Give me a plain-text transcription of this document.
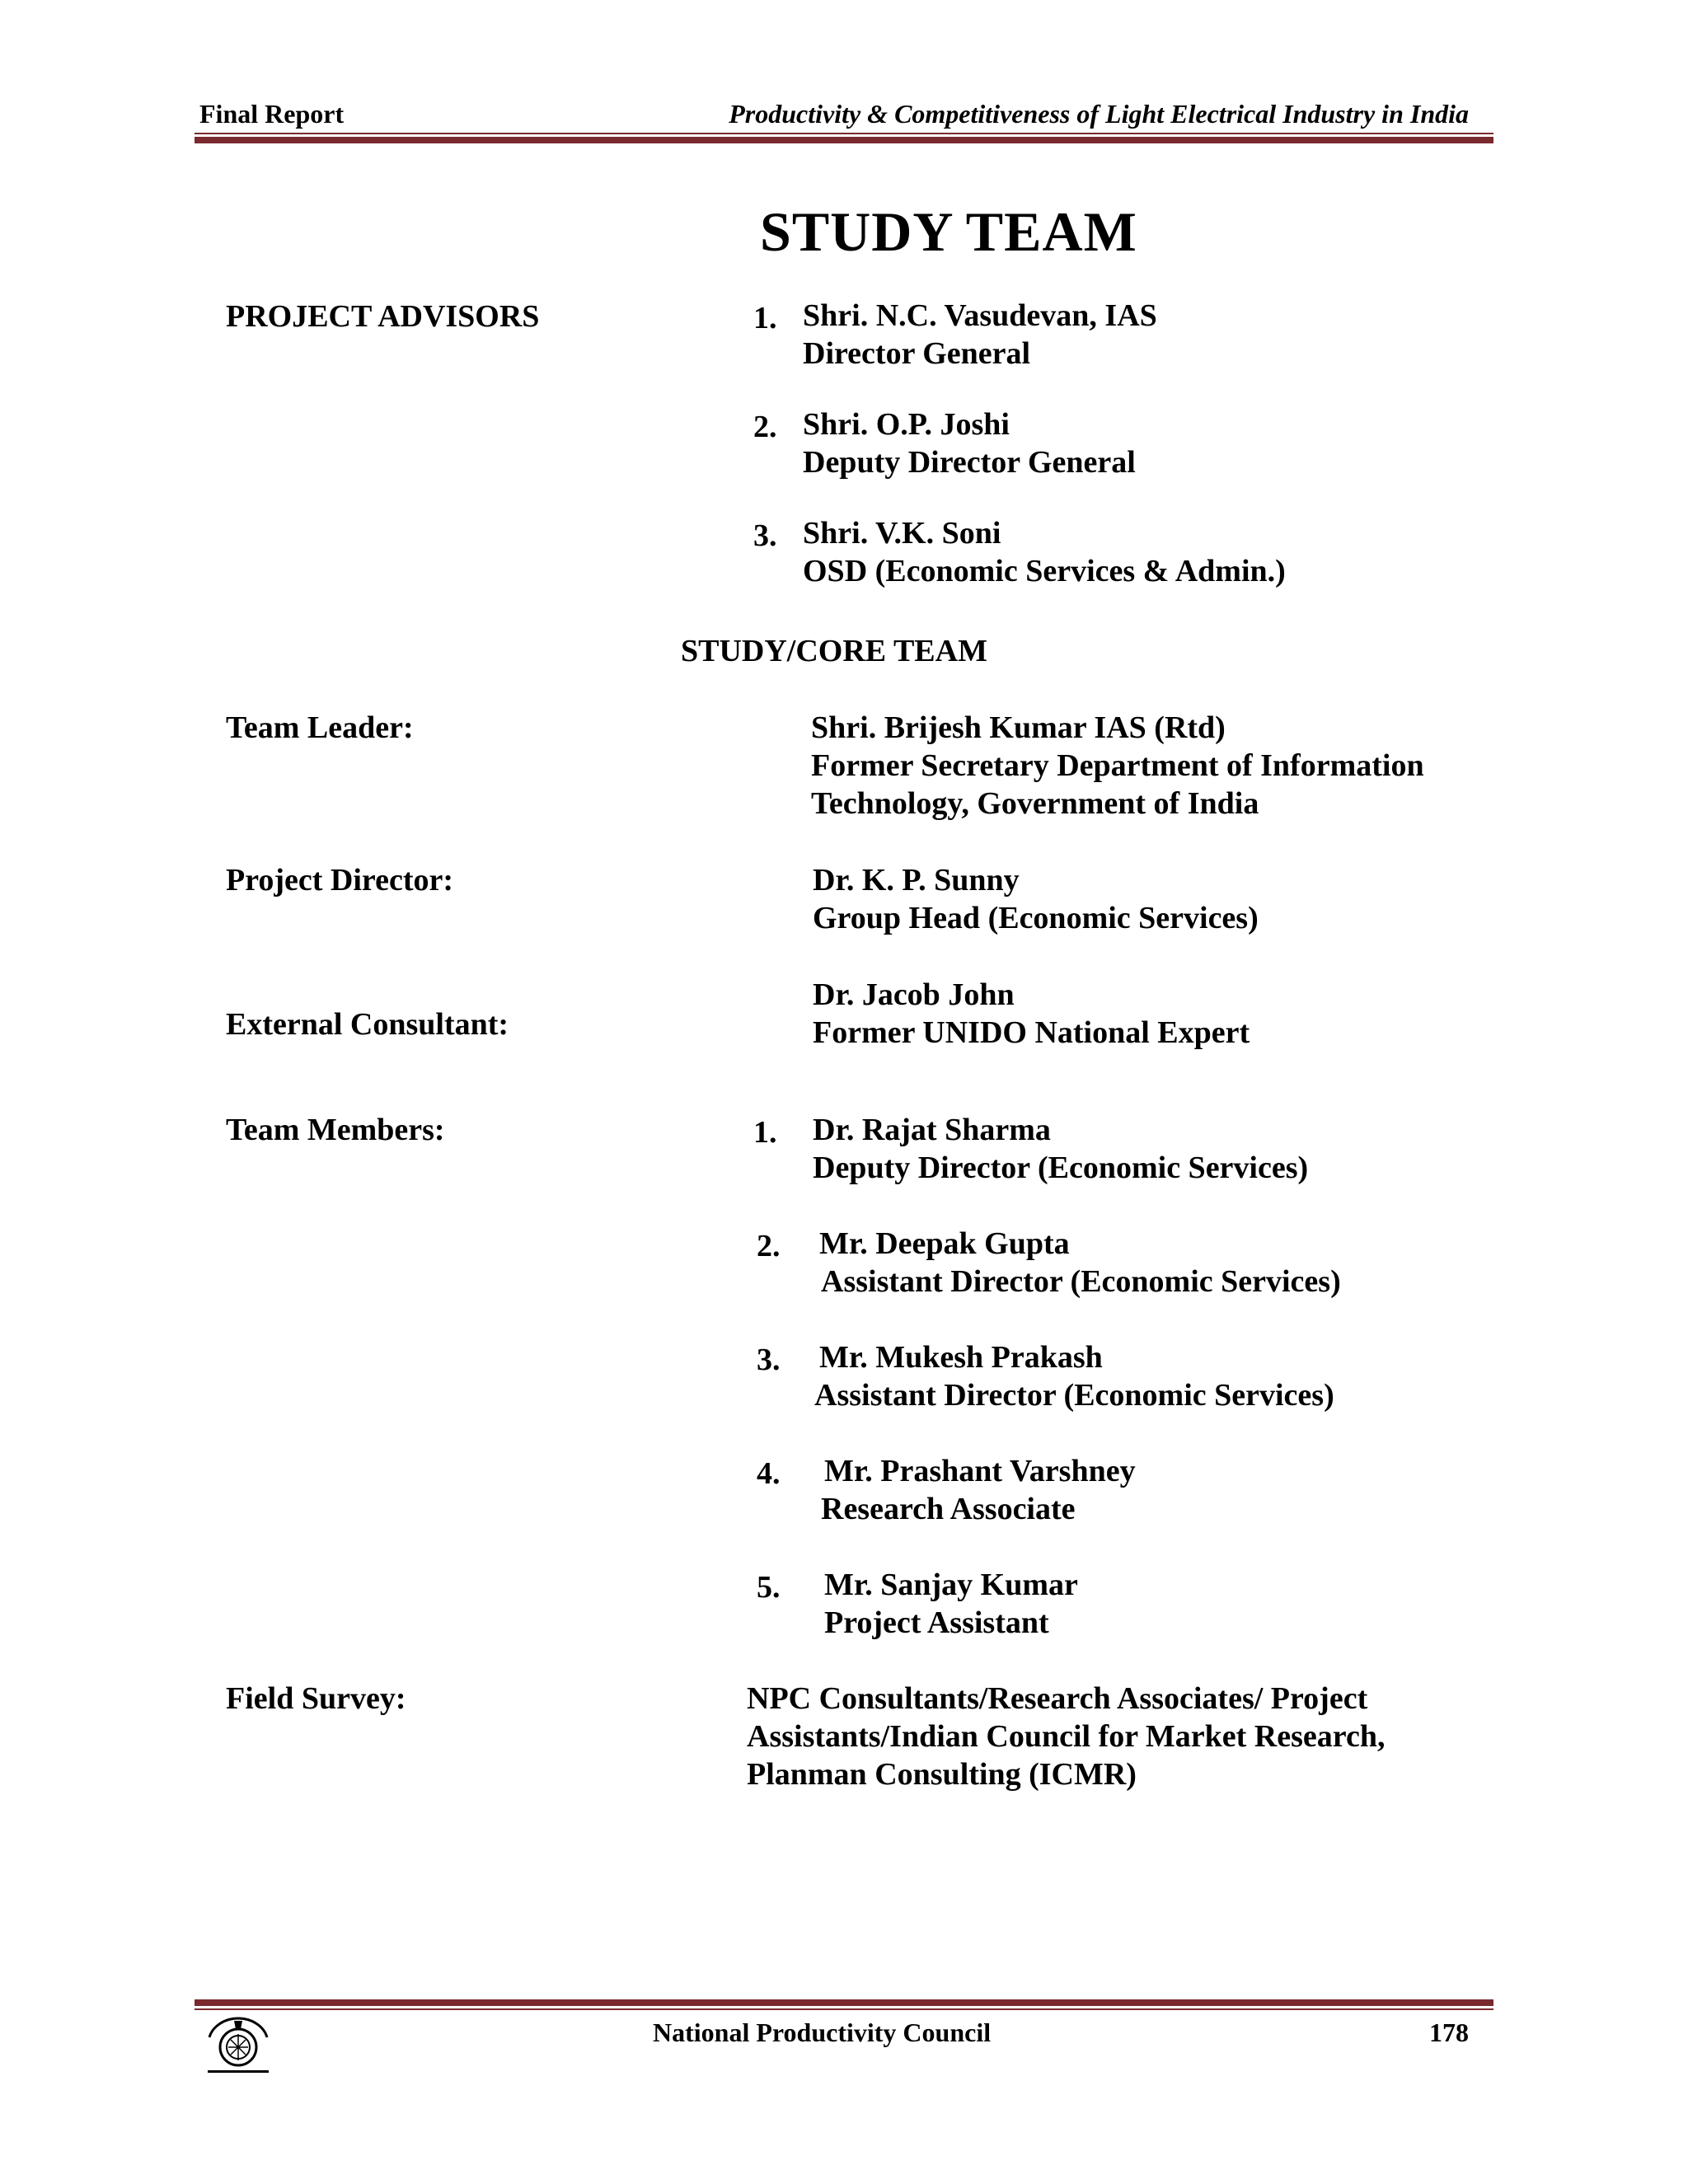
Final Report	Productivity & Competitiveness of Light Electrical Industry in India
STUDY TEAM
PROJECT ADVISORS	1. Shri. N.C. Vasudevan, IAS
Director General
2. Shri. O.P. Joshi
Deputy Director General
3. Shri. V.K. Soni
OSD (Economic Services & Admin.)
STUDY/CORE TEAM
Team Leader:	Shri. Brijesh Kumar IAS (Rtd)
Former Secretary Department of Information
Technology, Government of India
Project Director:	Dr. K. P. Sunny
Group Head (Economic Services)
External Consultant:
Dr. Jacob John
Former UNIDO National Expert
Team Members:	1. Dr. Rajat Sharma
Deputy Director (Economic Services)
2. Mr. Deepak Gupta
Assistant Director (Economic Services)
3. Mr. Mukesh Prakash
Assistant Director (Economic Services)
4. Mr. Prashant Varshney
Research Associate
5. Mr. Sanjay Kumar
Project Assistant
Field Survey:	NPC Consultants/Research Associates/ Project
Assistants/Indian Council for Market Research,
Planman Consulting (ICMR)
National Productivity Council	178
